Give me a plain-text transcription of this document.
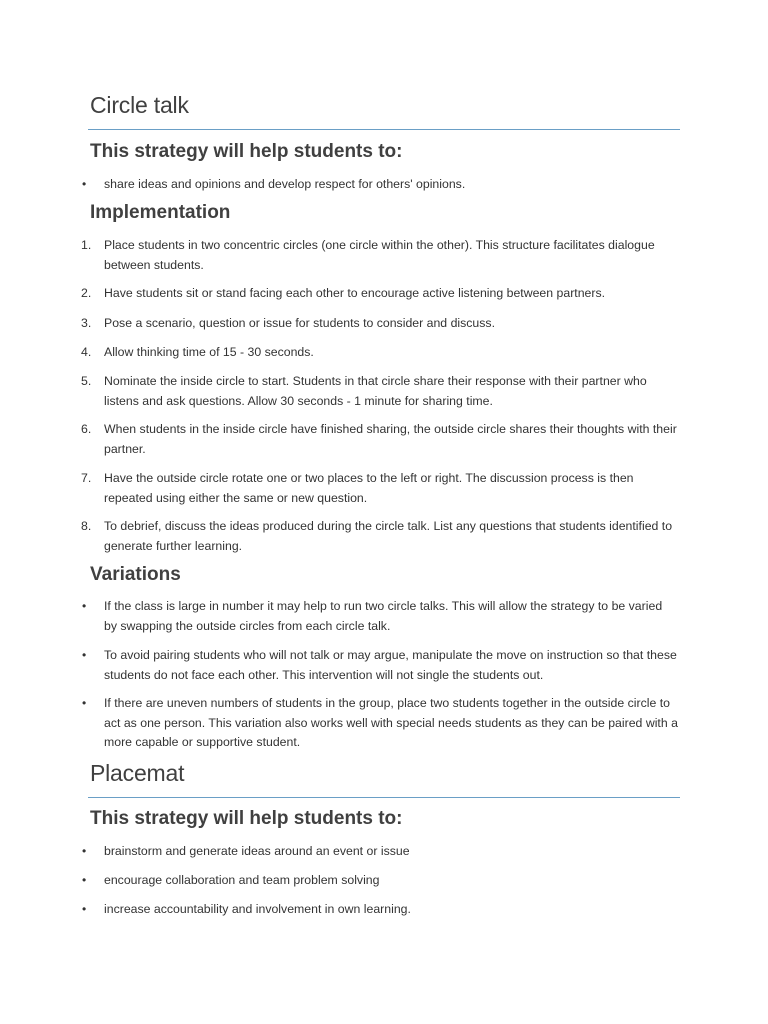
Circle talk
This strategy will help students to:
•	share ideas and opinions and develop respect for others' opinions.
Implementation
1.	Place students in two concentric circles (one circle within the other). This structure facilitates dialogue between students.
2.	Have students sit or stand facing each other to encourage active listening between partners.
3.	Pose a scenario, question or issue for students to consider and discuss.
4.	Allow thinking time of 15 - 30 seconds.
5.	Nominate the inside circle to start. Students in that circle share their response with their partner who listens and ask questions. Allow 30 seconds - 1 minute for sharing time.
6.	When students in the inside circle have finished sharing, the outside circle shares their thoughts with their partner.
7.	Have the outside circle rotate one or two places to the left or right. The discussion process is then repeated using either the same or new question.
8.	To debrief, discuss the ideas produced during the circle talk. List any questions that students identified to generate further learning.
Variations
•	If the class is large in number it may help to run two circle talks. This will allow the strategy to be varied by swapping the outside circles from each circle talk.
•	To avoid pairing students who will not talk or may argue, manipulate the move on instruction so that these students do not face each other. This intervention will not single the students out.
•	If there are uneven numbers of students in the group, place two students together in the outside circle to act as one person. This variation also works well with special needs students as they can be paired with a more capable or supportive student.
Placemat
This strategy will help students to:
•	brainstorm and generate ideas around an event or issue
•	encourage collaboration and team problem solving
•	increase accountability and involvement in own learning.
